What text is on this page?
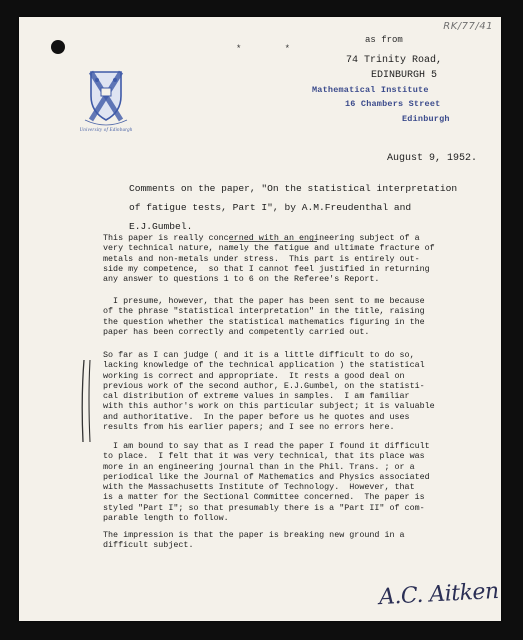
RK/77/41
*        *
University of Edinburgh
as from
74 Trinity Road,
EDINBURGH 5
Mathematical Institute
16 Chambers Street
Edinburgh
August 9, 1952.
Comments on the paper, "On the statistical interpretation
of fatigue tests, Part I", by A.M.Freudenthal and
E.J.Gumbel.
This paper is really concerned with an engineering subject of a
very technical nature, namely the fatigue and ultimate fracture of
metals and non-metals under stress.  This part is entirely out-
side my competence,  so that I cannot feel justified in returning
any answer to questions 1 to 6 on the Referee's Report.
I presume, however, that the paper has been sent to me because
of the phrase "statistical interpretation" in the title, raising
the question whether the statistical mathematics figuring in the
paper has been correctly and competently carried out.
So far as I can judge ( and it is a little difficult to do so,
lacking knowledge of the technical application ) the statistical
working is correct and appropriate.  It rests a good deal on
previous work of the second author, E.J.Gumbel, on the statisti-
cal distribution of extreme values in samples.  I am familiar
with this author's work on this particular subject; it is valuable
and authoritative.  In the paper before us he quotes and uses
results from his earlier papers; and I see no errors here.
I am bound to say that as I read the paper I found it difficult
to place.  I felt that it was very technical, that its place was
more in an engineering journal than in the Phil. Trans. ; or a
periodical like the Journal of Mathematics and Physics associated
with the Massachusetts Institute of Technology.  However, that
is a matter for the Sectional Committee concerned.  The paper is
styled "Part I"; so that presumably there is a "Part II" of com-
parable length to follow.
The impression is that the paper is breaking new ground in a
difficult subject.
A.C. Aitken
